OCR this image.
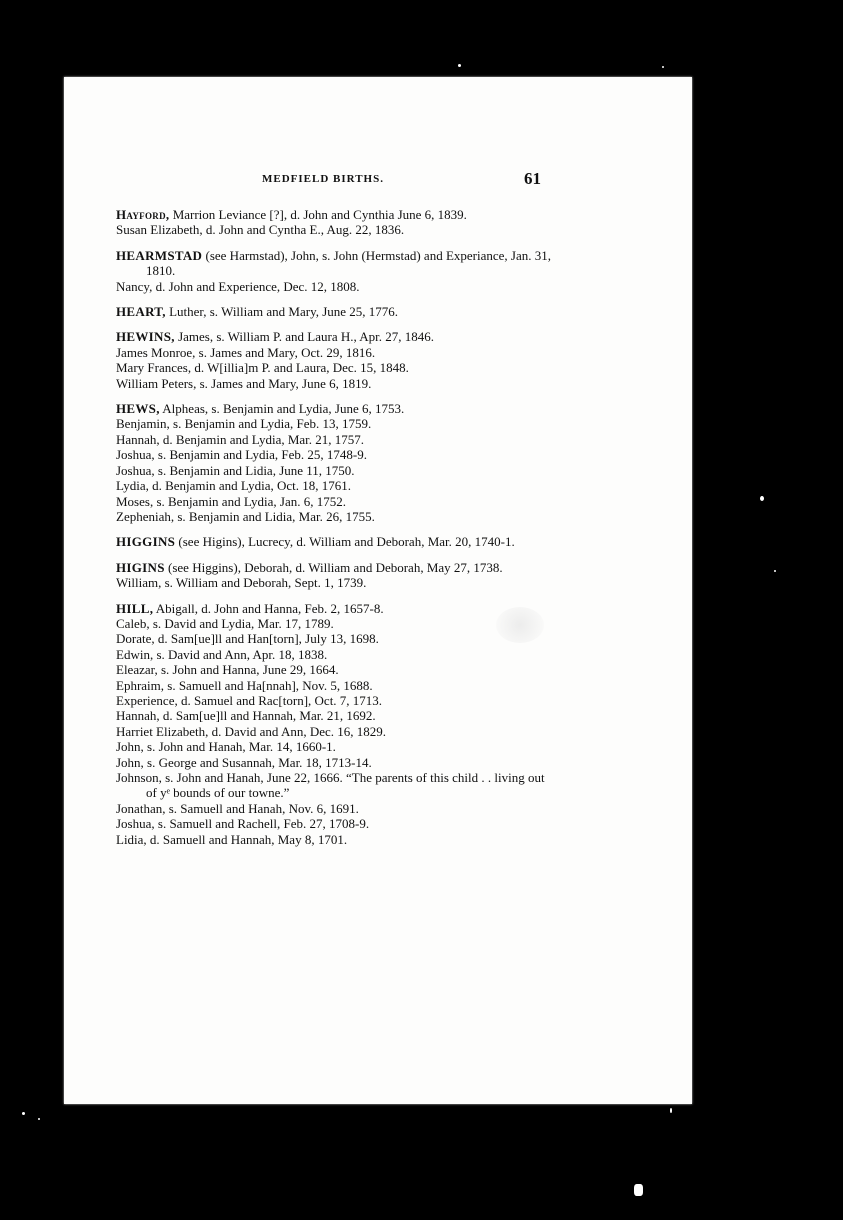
MEDFIELD BIRTHS.	61
Hayford, Marrion Leviance [?], d. John and Cynthia June 6, 1839.
Susan Elizabeth, d. John and Cyntha E., Aug. 22, 1836.
HEARMSTAD (see Harmstad), John, s. John (Hermstad) and Experiance, Jan. 31, 1810.
Nancy, d. John and Experience, Dec. 12, 1808.
HEART, Luther, s. William and Mary, June 25, 1776.
HEWINS, James, s. William P. and Laura H., Apr. 27, 1846.
James Monroe, s. James and Mary, Oct. 29, 1816.
Mary Frances, d. W[illia]m P. and Laura, Dec. 15, 1848.
William Peters, s. James and Mary, June 6, 1819.
HEWS, Alpheas, s. Benjamin and Lydia, June 6, 1753.
Benjamin, s. Benjamin and Lydia, Feb. 13, 1759.
Hannah, d. Benjamin and Lydia, Mar. 21, 1757.
Joshua, s. Benjamin and Lydia, Feb. 25, 1748-9.
Joshua, s. Benjamin and Lidia, June 11, 1750.
Lydia, d. Benjamin and Lydia, Oct. 18, 1761.
Moses, s. Benjamin and Lydia, Jan. 6, 1752.
Zepheniah, s. Benjamin and Lidia, Mar. 26, 1755.
HIGGINS (see Higins), Lucrecy, d. William and Deborah, Mar. 20, 1740-1.
HIGINS (see Higgins), Deborah, d. William and Deborah, May 27, 1738.
William, s. William and Deborah, Sept. 1, 1739.
HILL, Abigall, d. John and Hanna, Feb. 2, 1657-8.
Caleb, s. David and Lydia, Mar. 17, 1789.
Dorate, d. Sam[ue]ll and Han[torn], July 13, 1698.
Edwin, s. David and Ann, Apr. 18, 1838.
Eleazar, s. John and Hanna, June 29, 1664.
Ephraim, s. Samuell and Ha[nnah], Nov. 5, 1688.
Experience, d. Samuel and Rac[torn], Oct. 7, 1713.
Hannah, d. Sam[ue]ll and Hannah, Mar. 21, 1692.
Harriet Elizabeth, d. David and Ann, Dec. 16, 1829.
John, s. John and Hanah, Mar. 14, 1660-1.
John, s. George and Susannah, Mar. 18, 1713-14.
Johnson, s. John and Hanah, June 22, 1666. “The parents of this child . . living out of yᵉ bounds of our towne.”
Jonathan, s. Samuell and Hanah, Nov. 6, 1691.
Joshua, s. Samuell and Rachell, Feb. 27, 1708-9.
Lidia, d. Samuell and Hannah, May 8, 1701.
